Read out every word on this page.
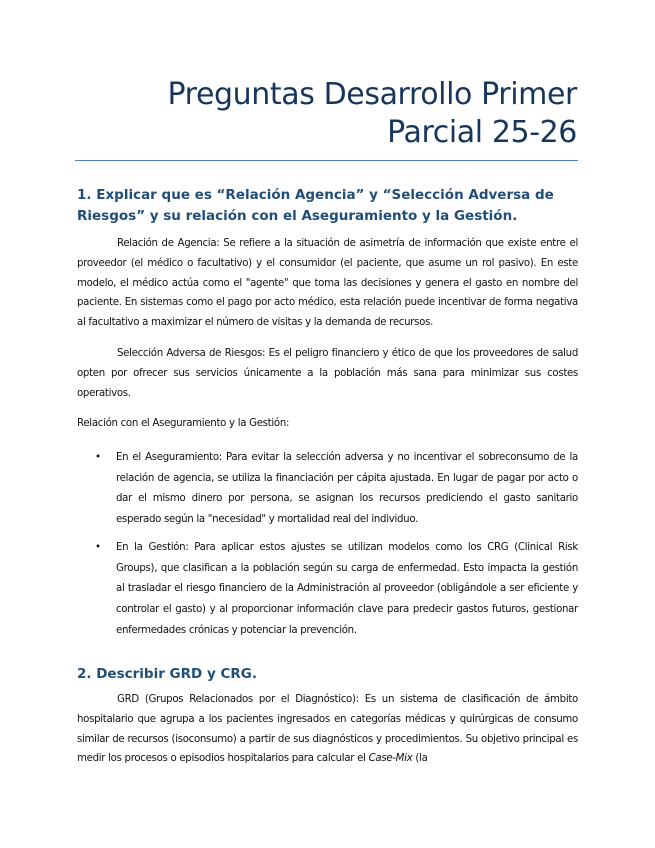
Preguntas Desarrollo Primer
Parcial 25-26
1. Explicar que es “Relación Agencia” y “Selección Adversa de Riesgos” y su relación con el Aseguramiento y la Gestión.

Relación de Agencia: Se refiere a la situación de asimetría de información que existe entre el proveedor (el médico o facultativo) y el consumidor (el paciente, que asume un rol pasivo). En este modelo, el médico actúa como el "agente" que toma las decisiones y genera el gasto en nombre del paciente. En sistemas como el pago por acto médico, esta relación puede incentivar de forma negativa al facultativo a maximizar el número de visitas y la demanda de recursos.

Selección Adversa de Riesgos: Es el peligro financiero y ético de que los proveedores de salud opten por ofrecer sus servicios únicamente a la población más sana para minimizar sus costes operativos.

Relación con el Aseguramiento y la Gestión:

• En el Aseguramiento: Para evitar la selección adversa y no incentivar el sobreconsumo de la relación de agencia, se utiliza la financiación per cápita ajustada. En lugar de pagar por acto o dar el mismo dinero por persona, se asignan los recursos prediciendo el gasto sanitario esperado según la "necesidad" y mortalidad real del individuo.
• En la Gestión: Para aplicar estos ajustes se utilizan modelos como los CRG (Clinical Risk Groups), que clasifican a la población según su carga de enfermedad. Esto impacta la gestión al trasladar el riesgo financiero de la Administración al proveedor (obligándole a ser eficiente y controlar el gasto) y al proporcionar información clave para predecir gastos futuros, gestionar enfermedades crónicas y potenciar la prevención.
2. Describir GRD y CRG.

GRD (Grupos Relacionados por el Diagnóstico): Es un sistema de clasificación de ámbito hospitalario que agrupa a los pacientes ingresados en categorías médicas y quirúrgicas de consumo similar de recursos (isoconsumo) a partir de sus diagnósticos y procedimientos. Su objetivo principal es medir los procesos o episodios hospitalarios para calcular el Case-Mix (la
